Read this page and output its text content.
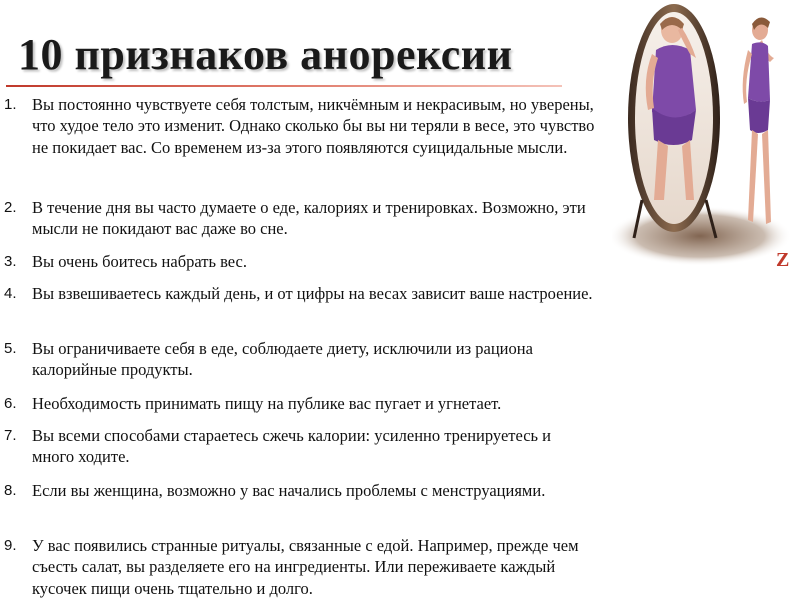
10 признаков анорексии
1. Вы постоянно чувствуете себя толстым, никчёмным и некрасивым, но уверены, что худое тело это изменит. Однако сколько бы вы ни теряли в весе, это чувство не покидает вас. Со временем из-за этого появляются суицидальные мысли.
2. В течение дня вы часто думаете о еде, калориях и тренировках. Возможно, эти мысли не покидают вас даже во сне.
3. Вы очень боитесь набрать вес.
4. Вы взвешиваетесь каждый день, и от цифры на весах зависит ваше настроение.
5. Вы ограничиваете себя в еде, соблюдаете диету, исключили из рациона калорийные продукты.
6. Необходимость принимать пищу на публике вас пугает и угнетает.
7. Вы всеми способами стараетесь сжечь калории: усиленно тренируетесь и много ходите.
8. Если вы женщина, возможно у вас начались проблемы с менструациями.
9. У вас появились странные ритуалы, связанные с едой. Например, прежде чем съесть салат, вы разделяете его на ингредиенты. Или переживаете каждый кусочек пищи очень тщательно и долго.
Z
